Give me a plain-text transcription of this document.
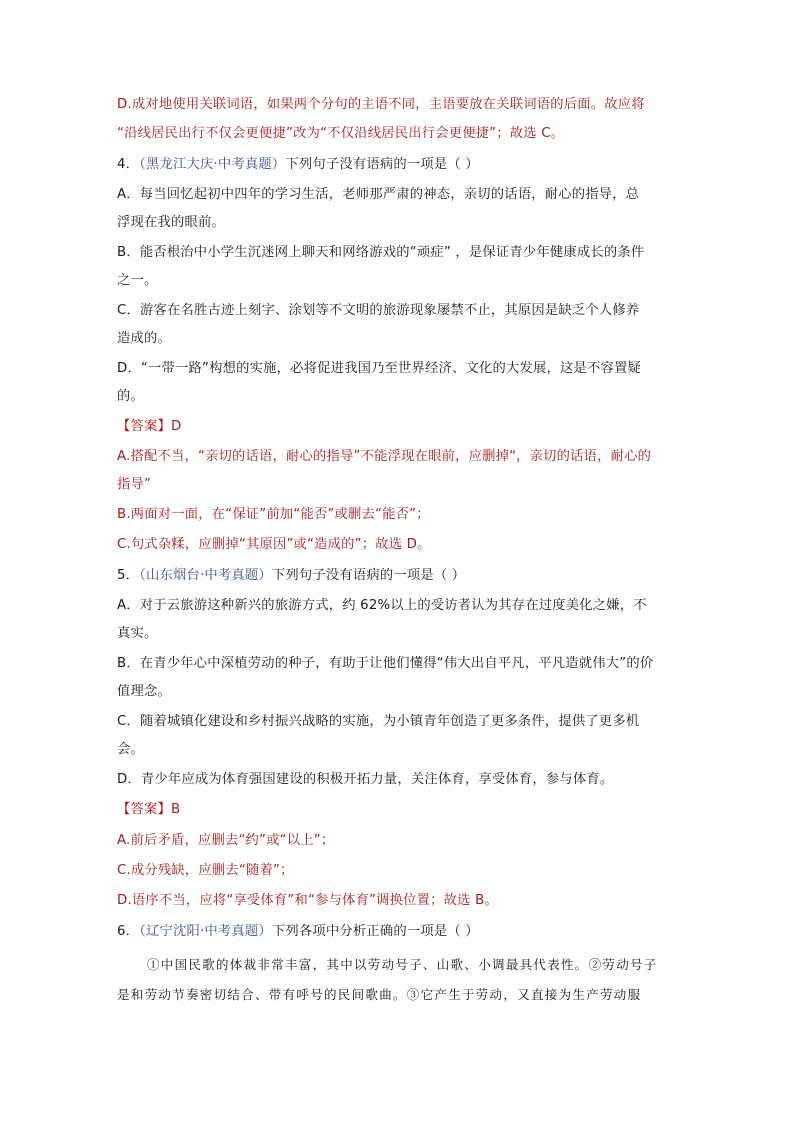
D.成对地使用关联词语，如果两个分句的主语不同，主语要放在关联词语的后面。故应将
“沿线居民出行不仅会更便捷”改为“不仅沿线居民出行会更便捷”；故选 C。
4．（黑龙江大庆·中考真题）下列句子没有语病的一项是（ ）
A．每当回忆起初中四年的学习生活，老师那严肃的神态，亲切的话语，耐心的指导，总
浮现在我的眼前。
B．能否根治中小学生沉迷网上聊天和网络游戏的“顽症” ，是保证青少年健康成长的条件
之一。
C．游客在名胜古迹上刻字、涂划等不文明的旅游现象屡禁不止，其原因是缺乏个人修养
造成的。
D．“一带一路”构想的实施，必将促进我国乃至世界经济、文化的大发展，这是不容置疑
的。
【答案】D
A.搭配不当，“亲切的话语，耐心的指导”不能浮现在眼前，应删掉“，亲切的话语，耐心的
指导”
B.两面对一面，在“保证”前加“能否”或删去“能否”；
C.句式杂糅，应删掉“其原因”或“造成的”；故选 D。
5．（山东烟台·中考真题）下列句子没有语病的一项是（ ）
A．对于云旅游这种新兴的旅游方式，约 62%以上的受访者认为其存在过度美化之嫌，不
真实。
B．在青少年心中深植劳动的种子，有助于让他们懂得“伟大出自平凡，平凡造就伟大”的价
值理念。
C．随着城镇化建设和乡村振兴战略的实施，为小镇青年创造了更多条件，提供了更多机
会。
D．青少年应成为体育强国建设的积极开拓力量，关注体育，享受体育，参与体育。
【答案】B
A.前后矛盾，应删去“约”或“以上”；
C.成分残缺，应删去“随着”；
D.语序不当，应将“享受体育”和“参与体育”调换位置；故选 B。
6．（辽宁沈阳·中考真题）下列各项中分析正确的一项是（ ）
①中国民歌的体裁非常丰富，其中以劳动号子、山歌、小调最具代表性。②劳动号子
是和劳动节奏密切结合、带有呼号的民间歌曲。③它产生于劳动，又直接为生产劳动服
